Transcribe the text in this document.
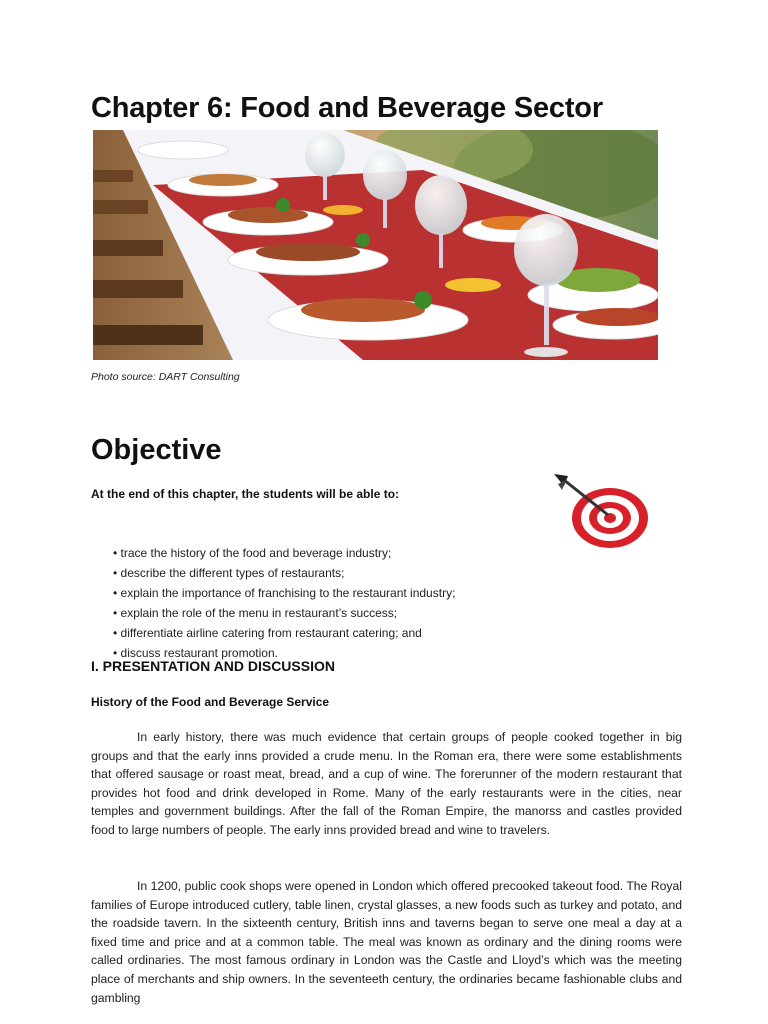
Chapter 6: Food and Beverage Sector
Photo source: DART Consulting
Objective
At the end of this chapter, the students will be able to:
• trace the history of the food and beverage industry;
• describe the different types of restaurants;
• explain the importance of franchising to the restaurant industry;
• explain the role of the menu in restaurant’s success;
• differentiate airline catering from restaurant catering; and
• discuss restaurant promotion.
I. PRESENTATION AND DISCUSSION
History of the Food and Beverage Service

In early history, there was much evidence that certain groups of people cooked together in big groups and that the early inns provided a crude menu. In the Roman era, there were some establishments that offered sausage or roast meat, bread, and a cup of wine. The forerunner of the modern restaurant that provides hot food and drink developed in Rome. Many of the early restaurants were in the cities, near temples and government buildings. After the fall of the Roman Empire, the manorss and castles provided food to large numbers of people. The early inns provided bread and wine to travelers.

In 1200, public cook shops were opened in London which offered precooked takeout food. The Royal families of Europe introduced cutlery, table linen, crystal glasses, a new foods such as turkey and potato, and the roadside tavern. In the sixteenth century, British inns and taverns began to serve one meal a day at a fixed time and price and at a common table. The meal was known as ordinary and the dining rooms were called ordinaries. The most famous ordinary in London was the Castle and Lloyd’s which was the meeting place of merchants and ship owners. In the seventeeth century, the ordinaries became fashionable clubs and gambling
